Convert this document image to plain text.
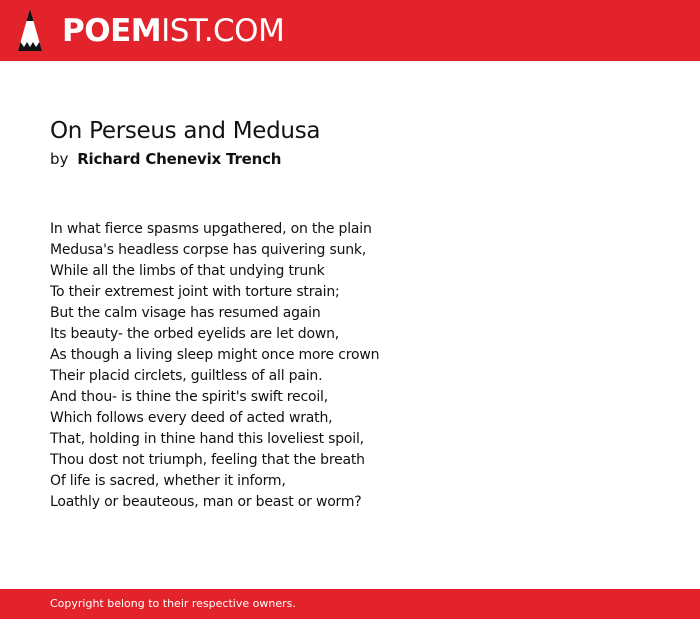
POEMIST.COM
On Perseus and Medusa
by Richard Chenevix Trench
In what fierce spasms upgathered, on the plain
Medusa's headless corpse has quivering sunk,
While all the limbs of that undying trunk
To their extremest joint with torture strain;
But the calm visage has resumed again
Its beauty- the orbed eyelids are let down,
As though a living sleep might once more crown
Their placid circlets, guiltless of all pain.
And thou- is thine the spirit's swift recoil,
Which follows every deed of acted wrath,
That, holding in thine hand this loveliest spoil,
Thou dost not triumph, feeling that the breath
Of life is sacred, whether it inform,
Loathly or beauteous, man or beast or worm?
Copyright belong to their respective owners.
